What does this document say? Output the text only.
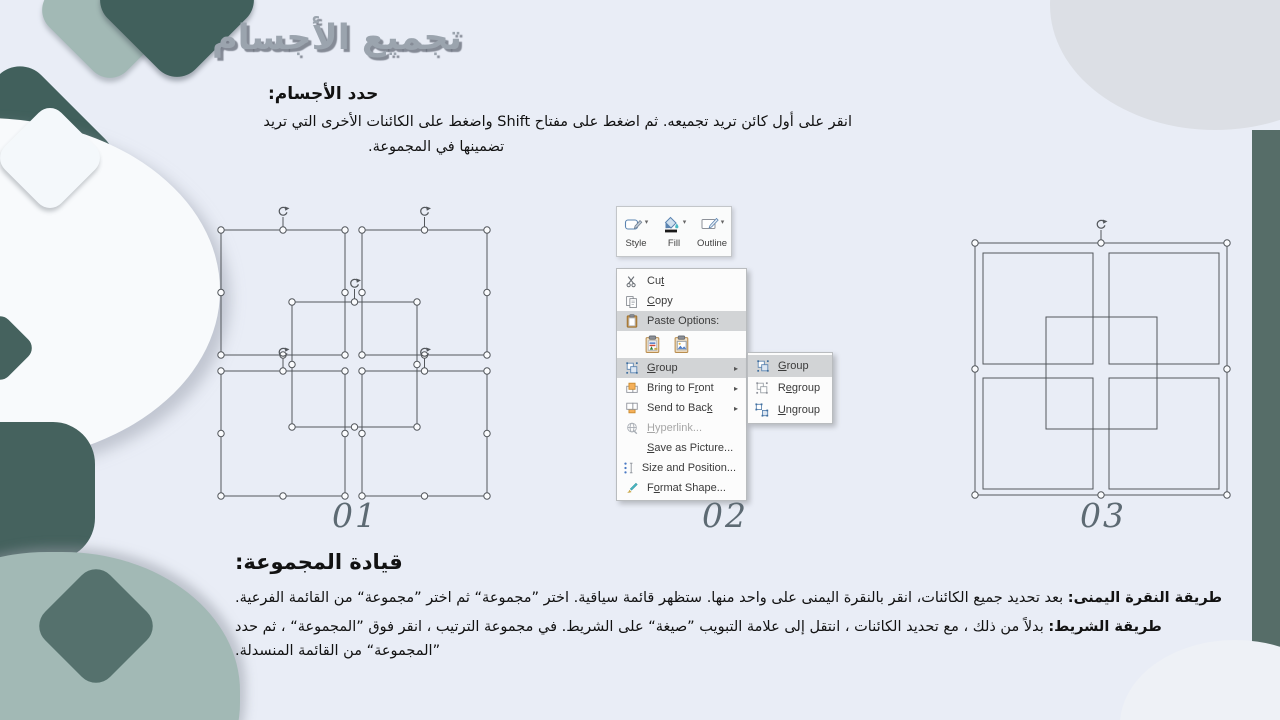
تجميع الأجسام
حدد الأجسام:
انقر على أول كائن تريد تجميعه. ثم اضغط على مفتاح Shift واضغط على الكائنات الأخرى التي تريد
تضمينها في المجموعة.
01
▾
Style
▾
Fill
▾
Outline
Cut
Copy
Paste Options:
Group	▸
Bring to Front	▸
Send to Back	▸
Hyperlink...
Save as Picture...
Size and Position...
Format Shape...
Group
Regroup
Ungroup
02	03
قيادة المجموعة:

طريقة النقرة اليمنى: بعد تحديد جميع الكائنات، انقر بالنقرة اليمنى على واحد منها. ستظهر قائمة سياقية. اختر ”مجموعة“ ثم اختر ”مجموعة“ من القائمة الفرعية.

طريقة الشريط: بدلاً من ذلك ، مع تحديد الكائنات ، انتقل إلى علامة التبويب ”صيغة“ على الشريط. في مجموعة الترتيب ، انقر فوق ”المجموعة“ ، ثم حدد ”المجموعة“ من القائمة المنسدلة.
